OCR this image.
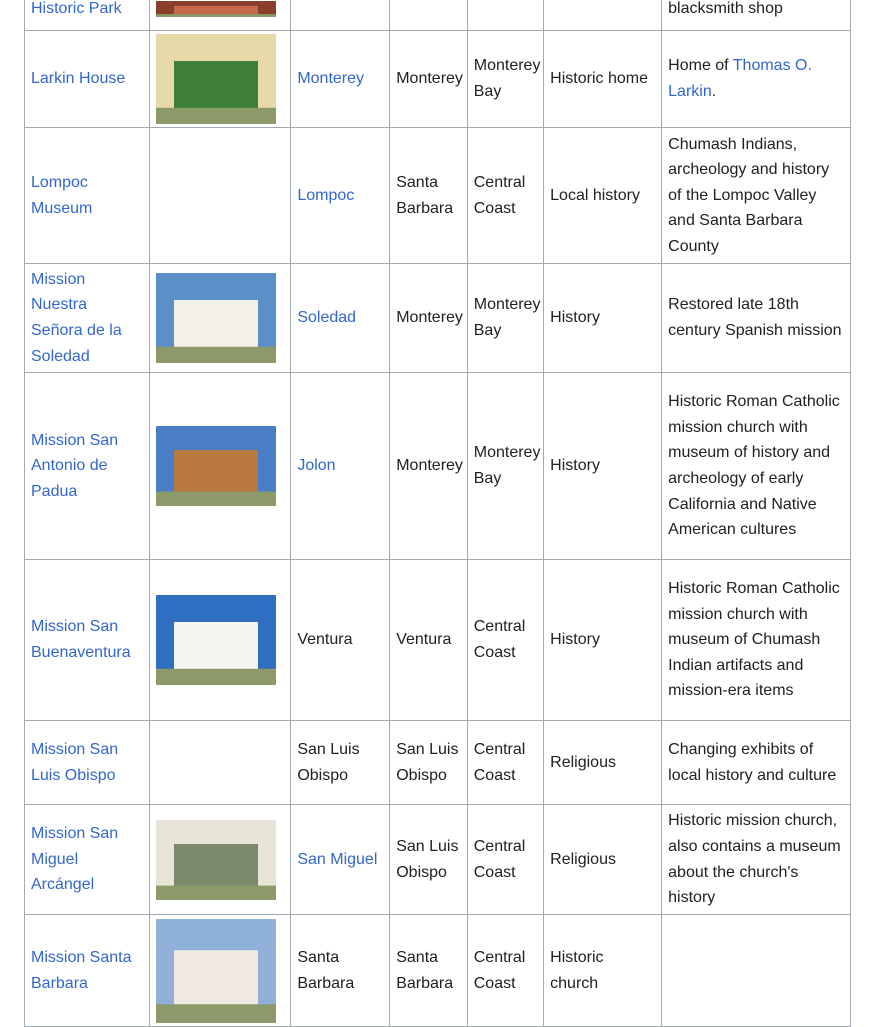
Historic Park						blacksmith shop
Larkin House		Monterey	Monterey	Monterey Bay	Historic home	Home of Thomas O. Larkin.
Lompoc Museum		Lompoc	Santa Barbara	Central Coast	Local history	Chumash Indians, archeology and history of the Lompoc Valley and Santa Barbara County
Mission Nuestra Señora de la Soledad		Soledad	Monterey	Monterey Bay	History	Restored late 18th century Spanish mission
Mission San Antonio de Padua		Jolon	Monterey	Monterey Bay	History	Historic Roman Catholic mission church with museum of history and archeology of early California and Native American cultures
Mission San Buenaventura		Ventura	Ventura	Central Coast	History	Historic Roman Catholic mission church with museum of Chumash Indian artifacts and mission-era items
Mission San Luis Obispo		San Luis Obispo	San Luis Obispo	Central Coast	Religious	Changing exhibits of local history and culture
Mission San Miguel Arcángel		San Miguel	San Luis Obispo	Central Coast	Religious	Historic mission church, also contains a museum about the church's history
Mission Santa Barbara		Santa Barbara	Santa Barbara	Central Coast	Historic church	
